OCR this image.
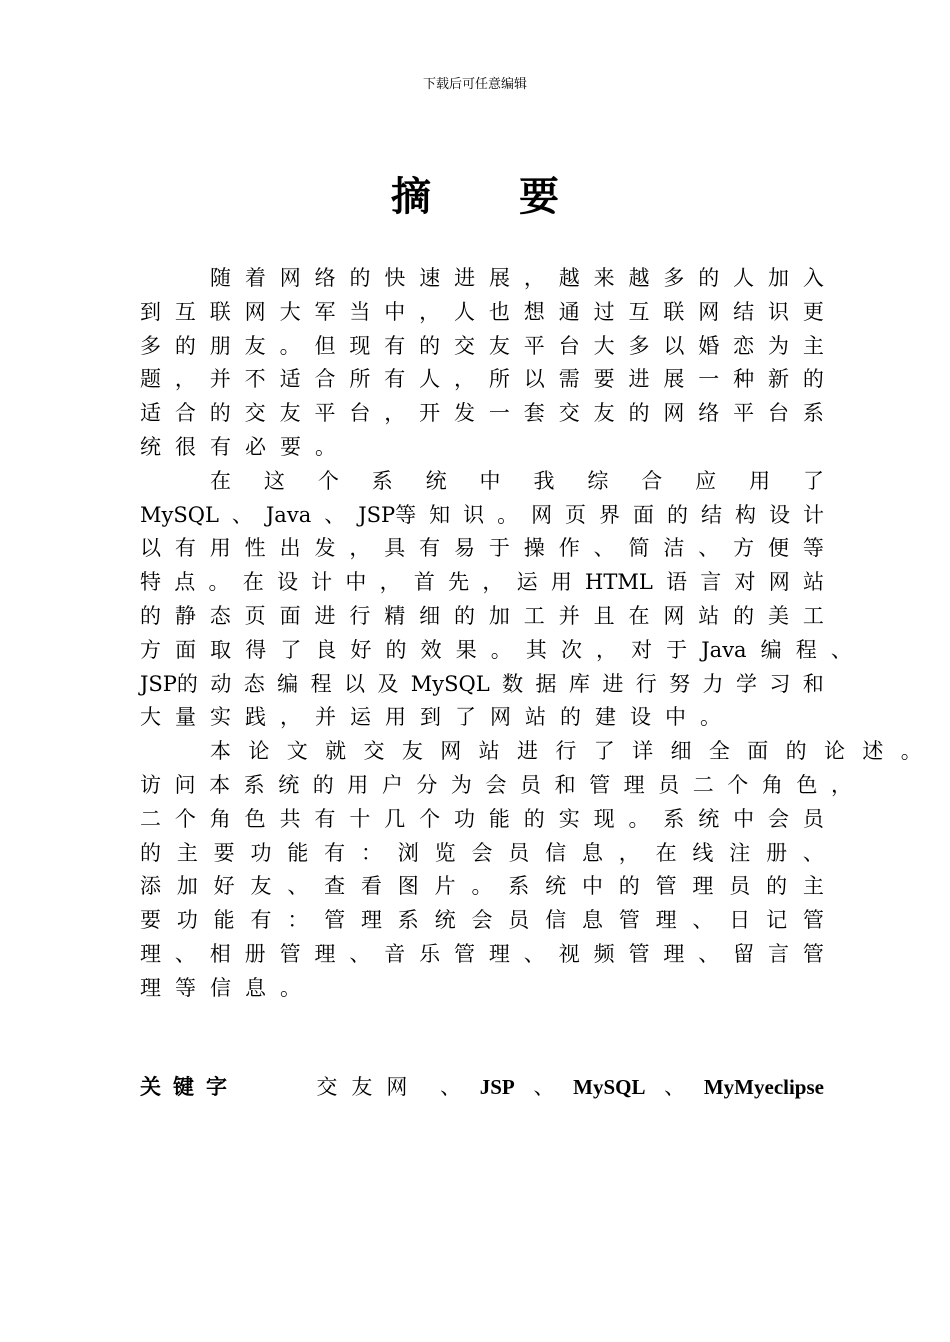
下载后可任意编辑
摘 要
随 着 网 络 的 快 速 进 展 ， 越 来 越 多 的 人 加 入
到 互 联 网 大 军 当 中 ， 人 也 想 通 过 互 联 网 结 识 更
多 的 朋 友 。 但 现 有 的 交 友 平 台 大 多 以 婚 恋 为 主
题 ， 并 不 适 合 所 有 人 ， 所 以 需 要 进 展 一 种 新 的
适 合 的 交 友 平 台 ， 开 发 一 套 交 友 的 网 络 平 台 系
统 很 有 必 要 。
在 这 个 系 统 中 我 综 合 应 用 了
MySQL 、 Java 、 JSP等 知 识 。 网 页 界 面 的 结 构 设 计
以 有 用 性 出 发 ， 具 有 易 于 操 作 、 简 洁 、 方 便 等
特 点 。 在 设 计 中 ， 首 先 ， 运 用 HTML 语 言 对 网 站
的 静 态 页 面 进 行 精 细 的 加 工 并 且 在 网 站 的 美 工
方 面 取 得 了 良 好 的 效 果 。 其 次 ， 对 于 Java 编 程 、
JSP的 动 态 编 程 以 及 MySQL 数 据 库 进 行 努 力 学 习 和
大 量 实 践 ， 并 运 用 到 了 网 站 的 建 设 中 。
本 论 文 就 交 友 网 站 进 行 了 详 细 全 面 的 论 述 。
访 问 本 系 统 的 用 户 分 为 会 员 和 管 理 员 二 个 角 色 ，
二 个 角 色 共 有 十 几 个 功 能 的 实 现 。 系 统 中 会 员
的 主 要 功 能 有 ： 浏 览 会 员 信 息 ， 在 线 注 册 、
添 加 好 友 、 查 看 图 片 。 系 统 中 的 管 理 员 的 主
要 功 能 有 ： 管 理 系 统 会 员 信 息 管 理 、 日 记 管
理 、 相 册 管 理 、 音 乐 管 理 、 视 频 管 理 、 留 言 管
理 等 信 息 。
关键字	交友网 、 JSP 、 MySQL 、 MyMyeclipse
